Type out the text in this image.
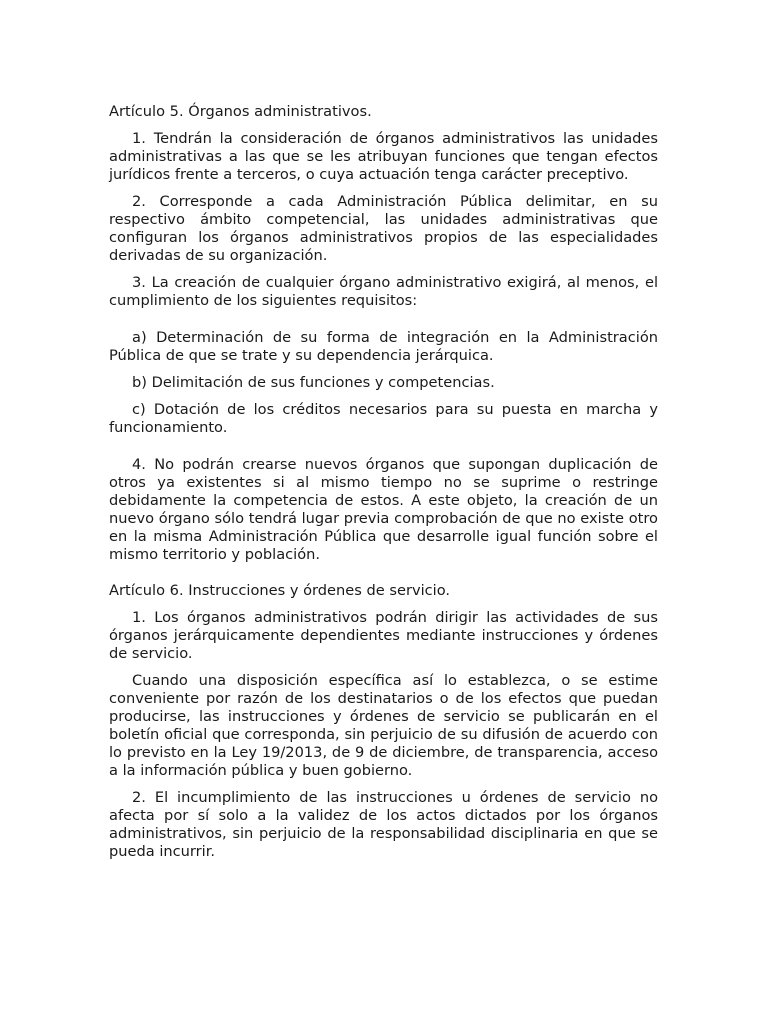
Artículo 5. Órganos administrativos.

1. Tendrán la consideración de órganos administrativos las unidades administrativas a las que se les atribuyan funciones que tengan efectos jurídicos frente a terceros, o cuya actuación tenga carácter preceptivo.

2. Corresponde a cada Administración Pública delimitar, en su respectivo ámbito competencial, las unidades administrativas que configuran los órganos administrativos propios de las especialidades derivadas de su organización.

3. La creación de cualquier órgano administrativo exigirá, al menos, el cumplimiento de los siguientes requisitos:

a) Determinación de su forma de integración en la Administración Pública de que se trate y su dependencia jerárquica.

b) Delimitación de sus funciones y competencias.

c) Dotación de los créditos necesarios para su puesta en marcha y funcionamiento.

4. No podrán crearse nuevos órganos que supongan duplicación de otros ya existentes si al mismo tiempo no se suprime o restringe debidamente la competencia de estos. A este objeto, la creación de un nuevo órgano sólo tendrá lugar previa comprobación de que no existe otro en la misma Administración Pública que desarrolle igual función sobre el mismo territorio y población.

Artículo 6. Instrucciones y órdenes de servicio.

1. Los órganos administrativos podrán dirigir las actividades de sus órganos jerárquicamente dependientes mediante instrucciones y órdenes de servicio.

Cuando una disposición específica así lo establezca, o se estime conveniente por razón de los destinatarios o de los efectos que puedan producirse, las instrucciones y órdenes de servicio se publicarán en el boletín oficial que corresponda, sin perjuicio de su difusión de acuerdo con lo previsto en la Ley 19/2013, de 9 de diciembre, de transparencia, acceso a la información pública y buen gobierno.

2. El incumplimiento de las instrucciones u órdenes de servicio no afecta por sí solo a la validez de los actos dictados por los órganos administrativos, sin perjuicio de la responsabilidad disciplinaria en que se pueda incurrir.
